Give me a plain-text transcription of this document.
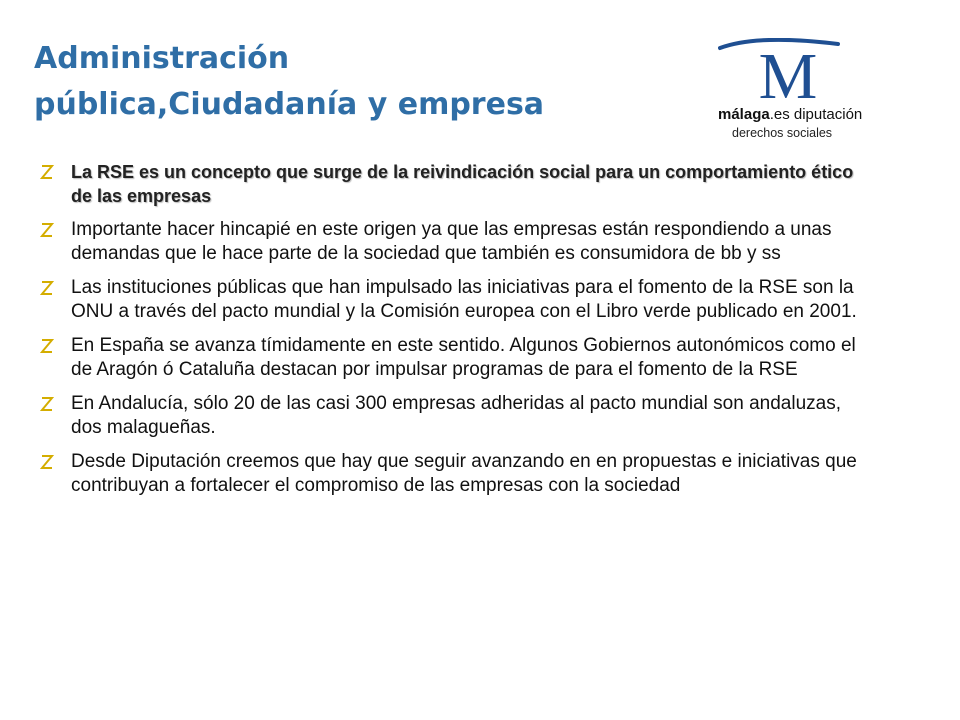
Administración
pública,Ciudadanía y empresa	M
málaga.es diputación
derechos sociales
La RSE es un concepto que surge de la reivindicación social para un comportamiento ético de las empresas
Importante hacer hincapié en este origen ya que las empresas están respondiendo a unas demandas que le hace parte de la sociedad que también es consumidora de bb y ss
Las instituciones públicas que han impulsado las iniciativas para el fomento de la RSE son la ONU a través del pacto mundial y la Comisión europea con el Libro verde publicado en 2001.
En España se avanza tímidamente en este sentido. Algunos Gobiernos autonómicos como el de Aragón ó Cataluña destacan por impulsar programas de para el fomento de la RSE
En Andalucía, sólo 20 de las casi 300 empresas adheridas al pacto mundial son andaluzas, dos malagueñas.
Desde Diputación creemos que hay que seguir avanzando en en propuestas e iniciativas que contribuyan a fortalecer el compromiso de las empresas con la sociedad
